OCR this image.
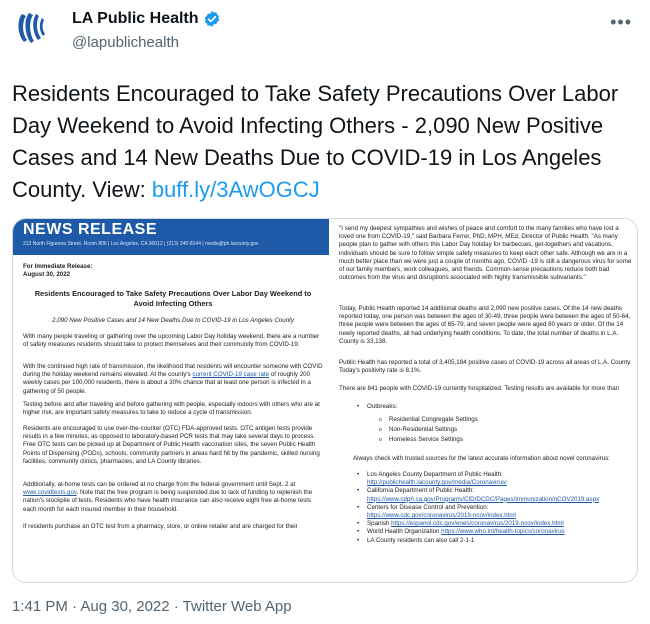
LA Public Health
@lapublichealth
•••
Residents Encouraged to Take Safety Precautions Over Labor Day Weekend to Avoid Infecting Others - 2,090 New Positive Cases and 14 New Deaths Due to COVID-19 in Los Angeles County. View: buff.ly/3AwOGCJ
NEWS RELEASE
313 North Figueroa Street, Room 806 | Los Angeles, CA 90012 | (213) 240-8144 | media@ph.lacounty.gov
For Immediate Release:
August 30, 2022
Residents Encouraged to Take Safety Precautions Over Labor Day Weekend to Avoid Infecting Others
2,090 New Positive Cases and 14 New Deaths Due to COVID-19 in Los Angeles County
With many people traveling or gathering over the upcoming Labor Day holiday weekend, there are a number of safety measures residents should take to protect themselves and their community from COVID-19.
With the continued high rate of transmission, the likelihood that residents will encounter someone with COVID during the holiday weekend remains elevated. At the county's current COVID-19 case rate of roughly 200 weekly cases per 100,000 residents, there is about a 30% chance that at least one person is infected in a gathering of 50 people.
Testing before and after traveling and before gathering with people, especially indoors with others who are at higher risk, are important safety measures to take to reduce a cycle of transmission.
Residents are encouraged to use over-the-counter (OTC) FDA-approved tests. OTC antigen tests provide results in a few minutes, as opposed to laboratory-based PCR tests that may take several days to process. Free OTC tests can be picked up at Department of Public Health vaccination sites, the seven Public Health Points of Dispensing (PODs), schools, community partners in areas hard hit by the pandemic, skilled nursing facilities, community clinics, pharmacies, and LA County libraries.
Additionally, at-home tests can be ordered at no charge from the federal government until Sept. 2 at www.covidtests.gov. Note that the free program is being suspended due to lack of funding to replenish the nation's stockpile of tests. Residents who have health insurance can also receive eight free at-home tests each month for each insured member in their household.
If residents purchase an OTC test from a pharmacy, store, or online retailer and are charged for their
"I send my deepest sympathies and wishes of peace and comfort to the many families who have lost a loved one from COVID-19," said Barbara Ferrer, PhD, MPH, MEd, Director of Public Health. "As many people plan to gather with others this Labor Day holiday for barbecues, get-togethers and vacations, individuals should be sure to follow simple safety measures to keep each other safe. Although we are in a much better place than we were just a couple of months ago, COVID -19 is still a dangerous virus for some of our family members, work colleagues, and friends. Common-sense precautions reduce both bad outcomes from the virus and disruptions associated with highly transmissible subvariants."
Today, Public Health reported 14 additional deaths and 2,090 new positive cases. Of the 14 new deaths reported today, one person was between the ages of 30-49, three people were between the ages of 50-64, three people were between the ages of 65-79, and seven people were aged 80 years or older. Of the 14 newly reported deaths, all had underlying health conditions. To date, the total number of deaths in L.A. County is 33,138.
Public Health has reported a total of 3,405,184 positive cases of COVID-19 across all areas of L.A. County. Today's positivity rate is 8.1%.
There are 841 people with COVID-19 currently hospitalized. Testing results are available for more than
• Outbreaks:
o Residential Congregate Settings
o Non-Residential Settings
o Homeless Service Settings
Always check with trusted sources for the latest accurate information about novel coronavirus:
• Los Angeles County Department of Public Health:
http://publichealth.lacounty.gov/media/Coronavirus/
• California Department of Public Health:
https://www.cdph.ca.gov/Programs/CID/DCDC/Pages/Immunization/nCOV2019.aspx
• Centers for Disease Control and Prevention:
https://www.cdc.gov/coronavirus/2019-ncov/index.html
• Spanish https://espanol.cdc.gov/enes/coronavirus/2019-ncov/index.html
• World Health Organization https://www.who.int/health-topics/coronavirus
• LA County residents can also call 2-1-1
1:41 PM · Aug 30, 2022 · Twitter Web App
